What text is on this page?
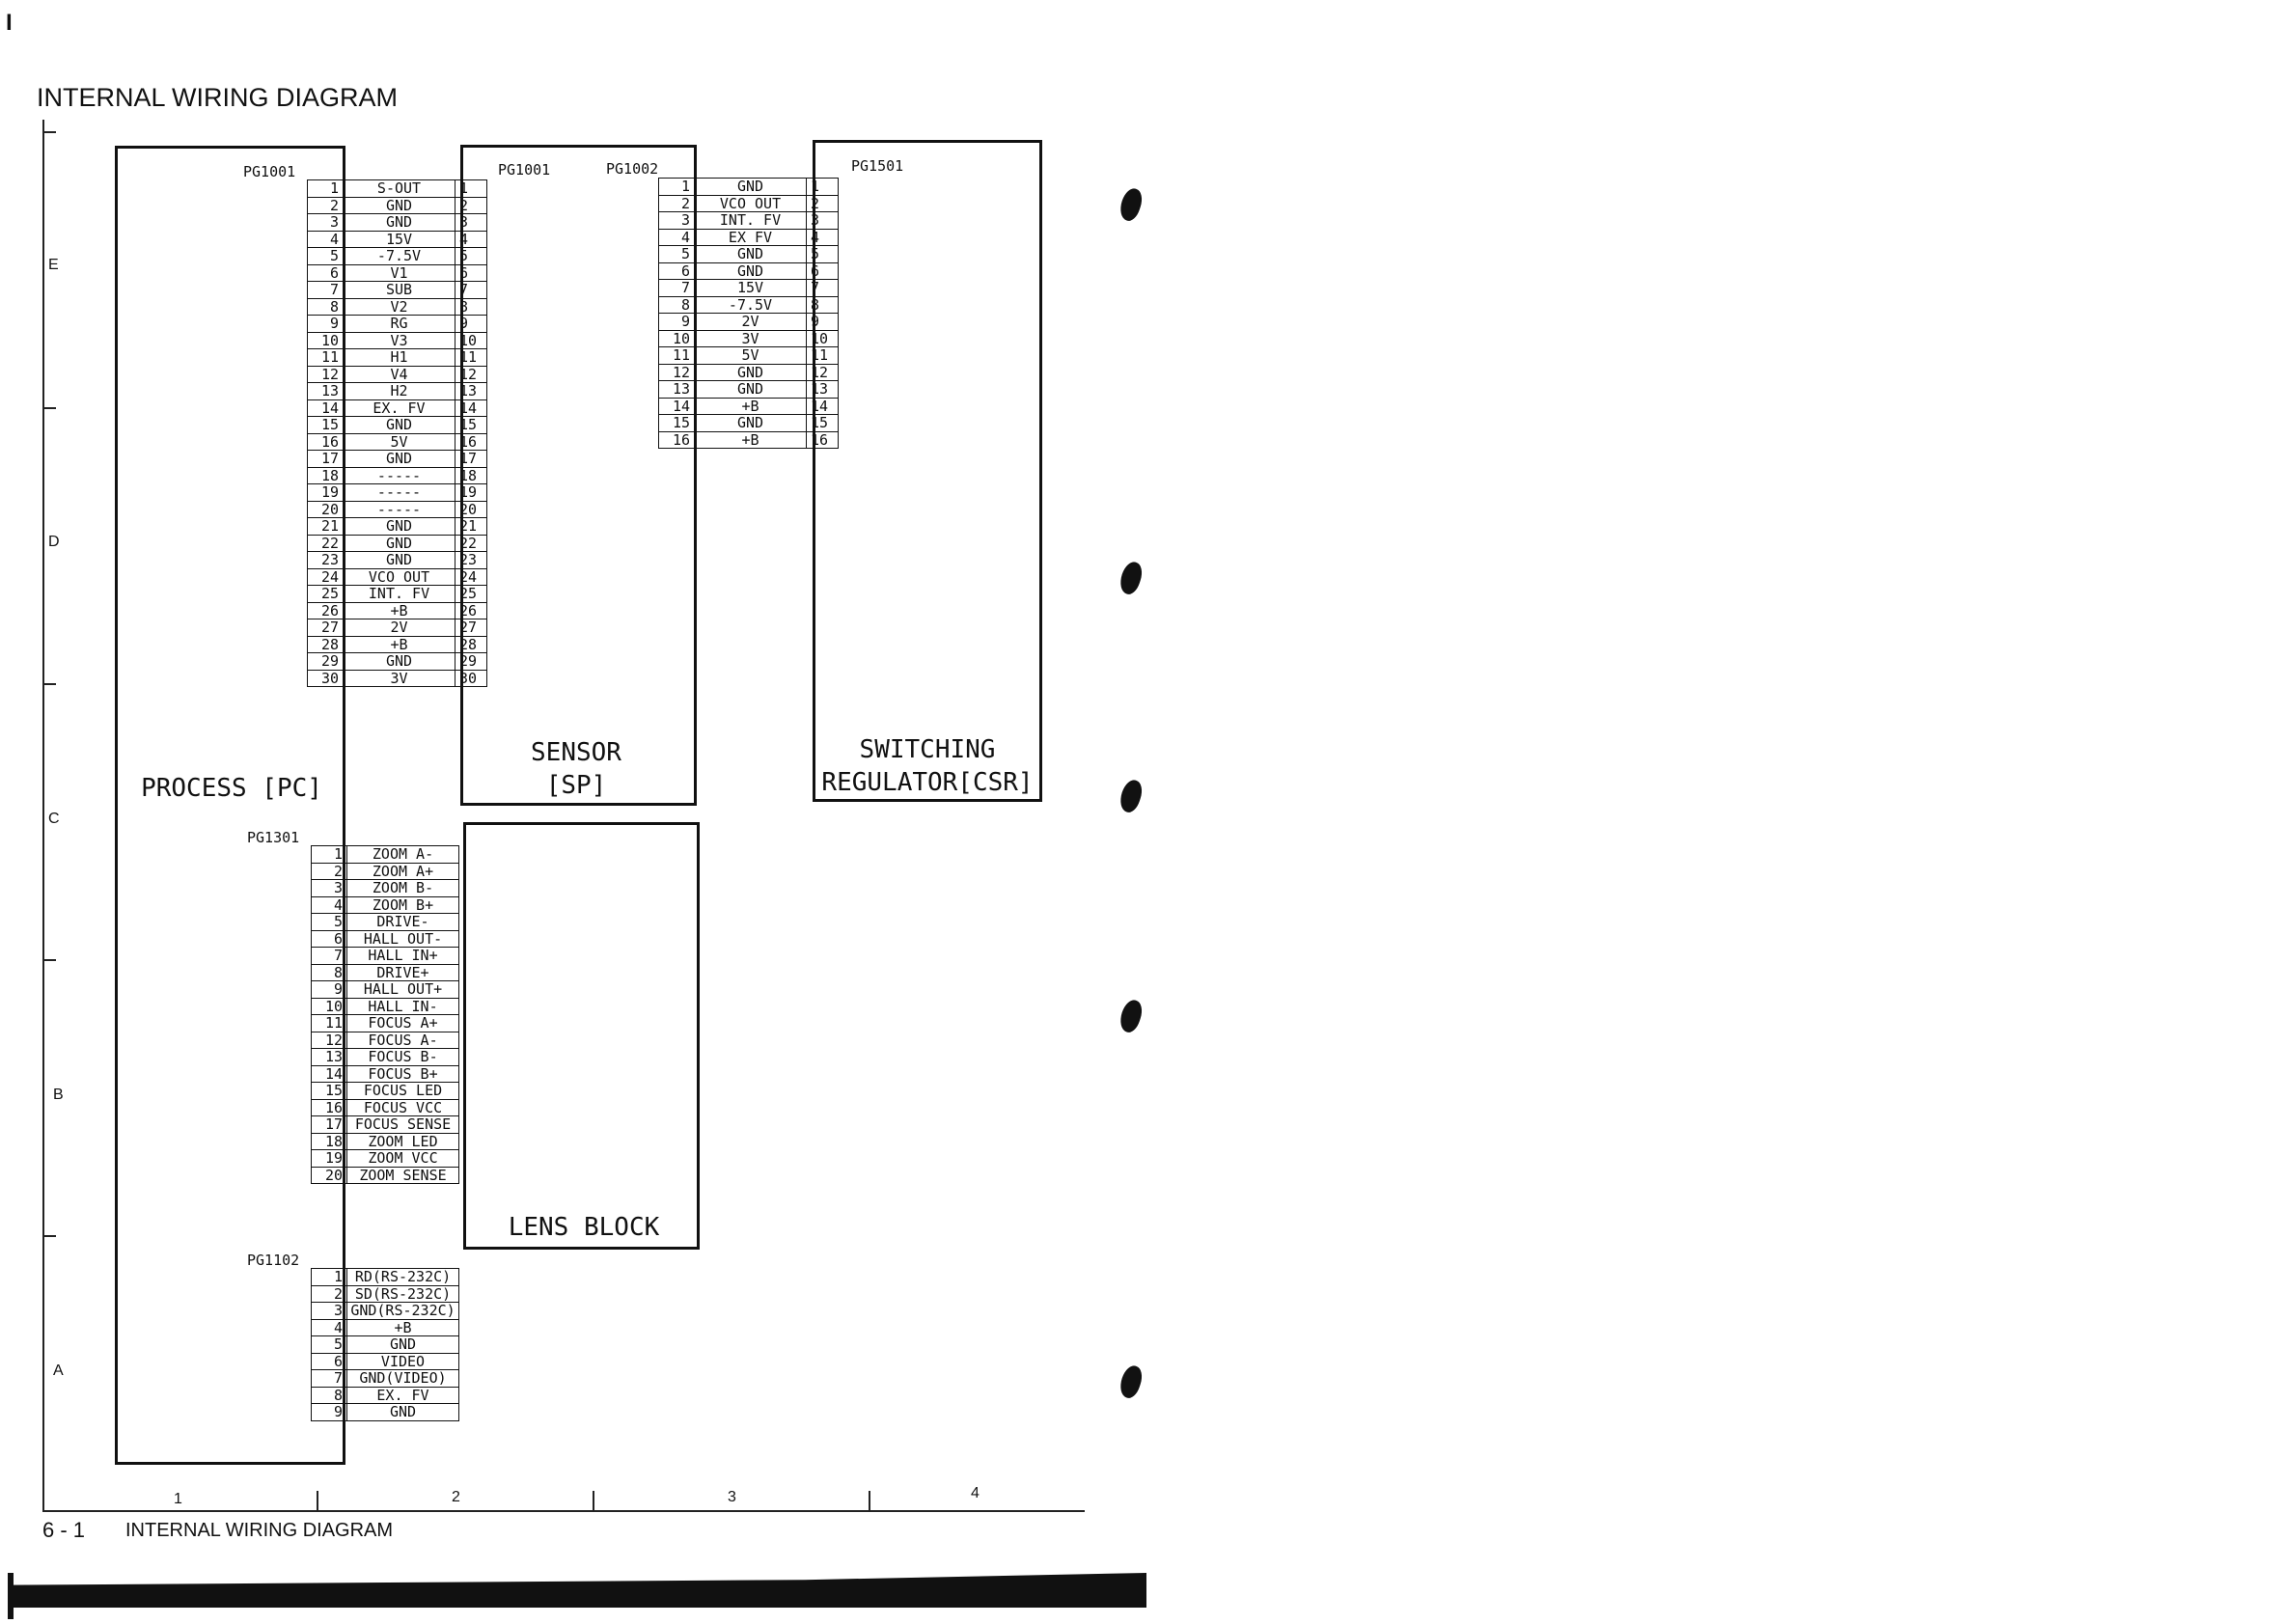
I
INTERNAL WIRING DIAGRAM
E
D
C
B
A
1	2	3	4
6 - 1 INTERNAL WIRING DIAGRAM
PROCESS [PC]
SENSOR
[SP]
SWITCHING
REGULATOR[CSR]
LENS BLOCK
PG1001	PG1001	PG1002	PG1501
PG1301
PG1102
1	S-OUT	1
2	GND	2
3	GND	3
4	15V	4
5	-7.5V	5
6	V1	6
7	SUB	7
8	V2	8
9	RG	9
10	V3	10
11	H1	11
12	V4	12
13	H2	13
14	EX. FV	14
15	GND	15
16	5V	16
17	GND	17
18	-----	18
19	-----	19
20	-----	20
21	GND	21
22	GND	22
23	GND	23
24	VCO OUT	24
25	INT. FV	25
26	+B	26
27	2V	27
28	+B	28
29	GND	29
30	3V	30
1	GND	1
2	VCO OUT	2
3	INT. FV	3
4	EX FV	4
5	GND	5
6	GND	6
7	15V	7
8	-7.5V	8
9	2V	9
10	3V	10
11	5V	11
12	GND	12
13	GND	13
14	+B	14
15	GND	15
16	+B	16
1	ZOOM A-
2	ZOOM A+
3	ZOOM B-
4	ZOOM B+
5	DRIVE-
6	HALL OUT-
7	HALL IN+
8	DRIVE+
9	HALL OUT+
10	HALL IN-
11	FOCUS A+
12	FOCUS A-
13	FOCUS B-
14	FOCUS B+
15	FOCUS LED
16	FOCUS VCC
17	FOCUS SENSE
18	ZOOM LED
19	ZOOM VCC
20	ZOOM SENSE
1	RD(RS-232C)
2	SD(RS-232C)
3	GND(RS-232C)
4	+B
5	GND
6	VIDEO
7	GND(VIDEO)
8	EX. FV
9	GND
